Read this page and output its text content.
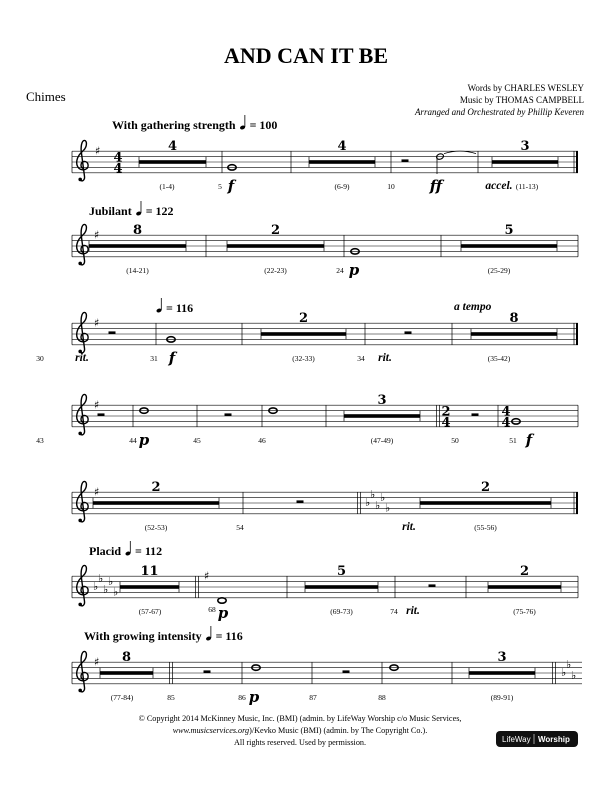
AND CAN IT BE
Chimes
Words by CHARLES WESLEY
Music by THOMAS CAMPBELL
Arranged and Orchestrated by Phillip Keveren
♯ 4
4
With gathering strength = 100
4
(1-4)	5 f
4
(6-9)	10 ff
3
(11-13)
accel.
♯
Jubilant = 122
8
(14-21)
2
(22-23)	24 p
5
(25-29)
♯
30	rit.
= 116
31 f
2
(32-33)	34 rit.
8
(35-42)
a tempo
♯
43	44 p	45	46
3
(47-49)
2
4
50
4
4
51 f
♯	2
(52-53)	54
♭
♭
♭
♭
♭
2
(55-56)
rit.
♭
♭
♭
♭
♭
Placid = 112
11
(57-67)
♯
68 p
5
(69-73)	74 rit.
2
(75-76)
♯
With growing intensity = 116
8
(77-84)	85	86 p	87	88
3
(89-91)
♭
♭
♭
© Copyright 2014 McKinney Music, Inc. (BMI) (admin. by LifeWay Worship c/o Music Services,
www.musicservices.org)/Kevko Music (BMI) (admin. by The Copyright Co.).
All rights reserved. Used by permission.	LifeWay Worship
